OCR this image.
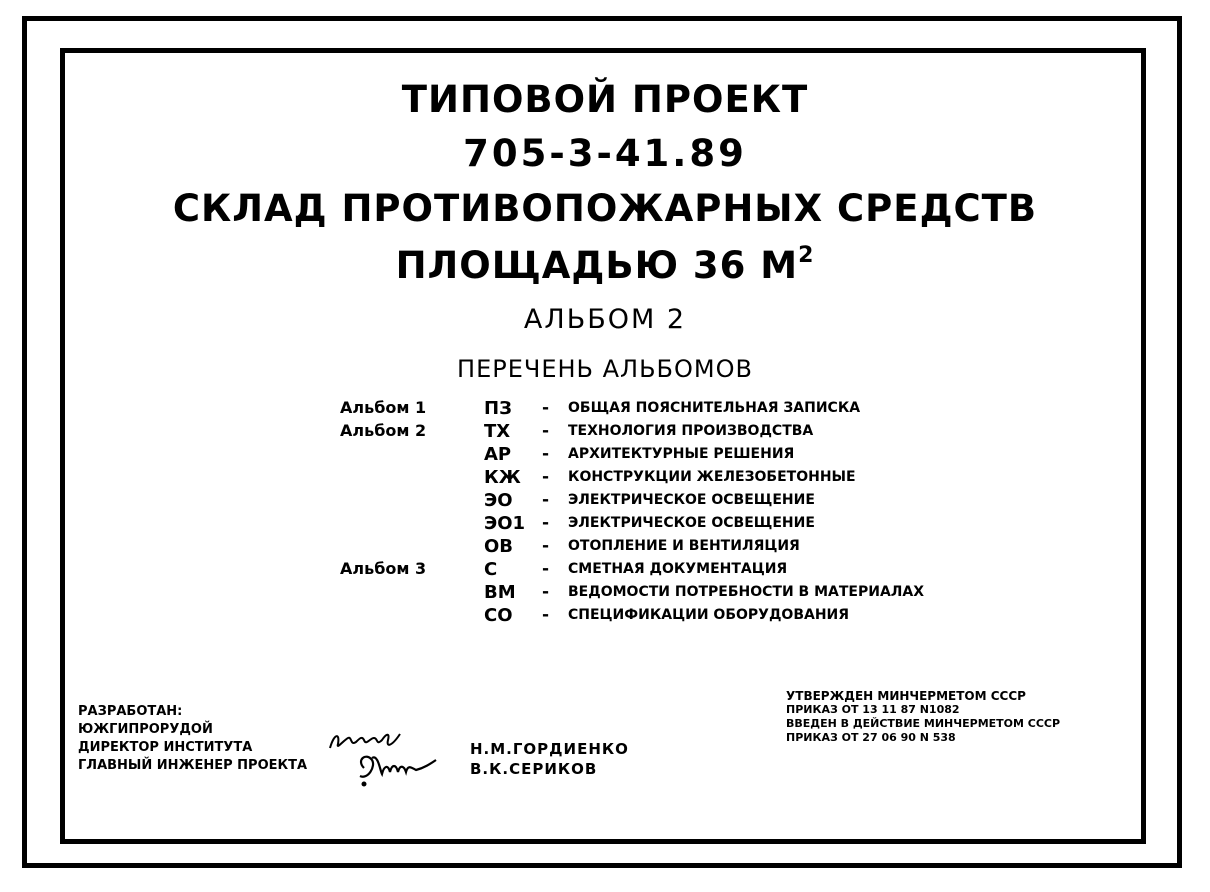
ТИПОВОЙ ПРОЕКТ
705-3-41.89
СКЛАД ПРОТИВОПОЖАРНЫХ СРЕДСТВ
ПЛОЩАДЬЮ 36 $М^2$
АЛЬБОМ 2
ПЕРЕЧЕНЬ АЛЬБОМОВ
Альбом 1	ПЗ - ОБЩАЯ ПОЯСНИТЕЛЬНАЯ ЗАПИСКА
Альбом 2	ТХ - ТЕХНОЛОГИЯ ПРОИЗВОДСТВА
АР - АРХИТЕКТУРНЫЕ РЕШЕНИЯ
КЖ - КОНСТРУКЦИИ ЖЕЛЕЗОБЕТОННЫЕ
ЭО - ЭЛЕКТРИЧЕСКОЕ ОСВЕЩЕНИЕ
ЭО1 - ЭЛЕКТРИЧЕСКОЕ ОСВЕЩЕНИЕ
ОВ - ОТОПЛЕНИЕ И ВЕНТИЛЯЦИЯ
Альбом 3	С	- СМЕТНАЯ ДОКУМЕНТАЦИЯ
ВМ - ВЕДОМОСТИ ПОТРЕБНОСТИ В МАТЕРИАЛАХ
СО - СПЕЦИФИКАЦИИ ОБОРУДОВАНИЯ
РАЗРАБОТАН:
ЮЖГИПРОРУДОЙ
ДИРЕКТОР ИНСТИТУТА
ГЛАВНЫЙ ИНЖЕНЕР ПРОЕКТА
Н.М.ГОРДИЕНКО
В.К.СЕРИКОВ
УТВЕРЖДЕН МИНЧЕРМЕТОМ СССР
ПРИКАЗ ОТ 13 11 87 N1082
ВВЕДЕН В ДЕЙСТВИЕ МИНЧЕРМЕТОМ СССР
ПРИКАЗ ОТ 27 06 90 N 538
